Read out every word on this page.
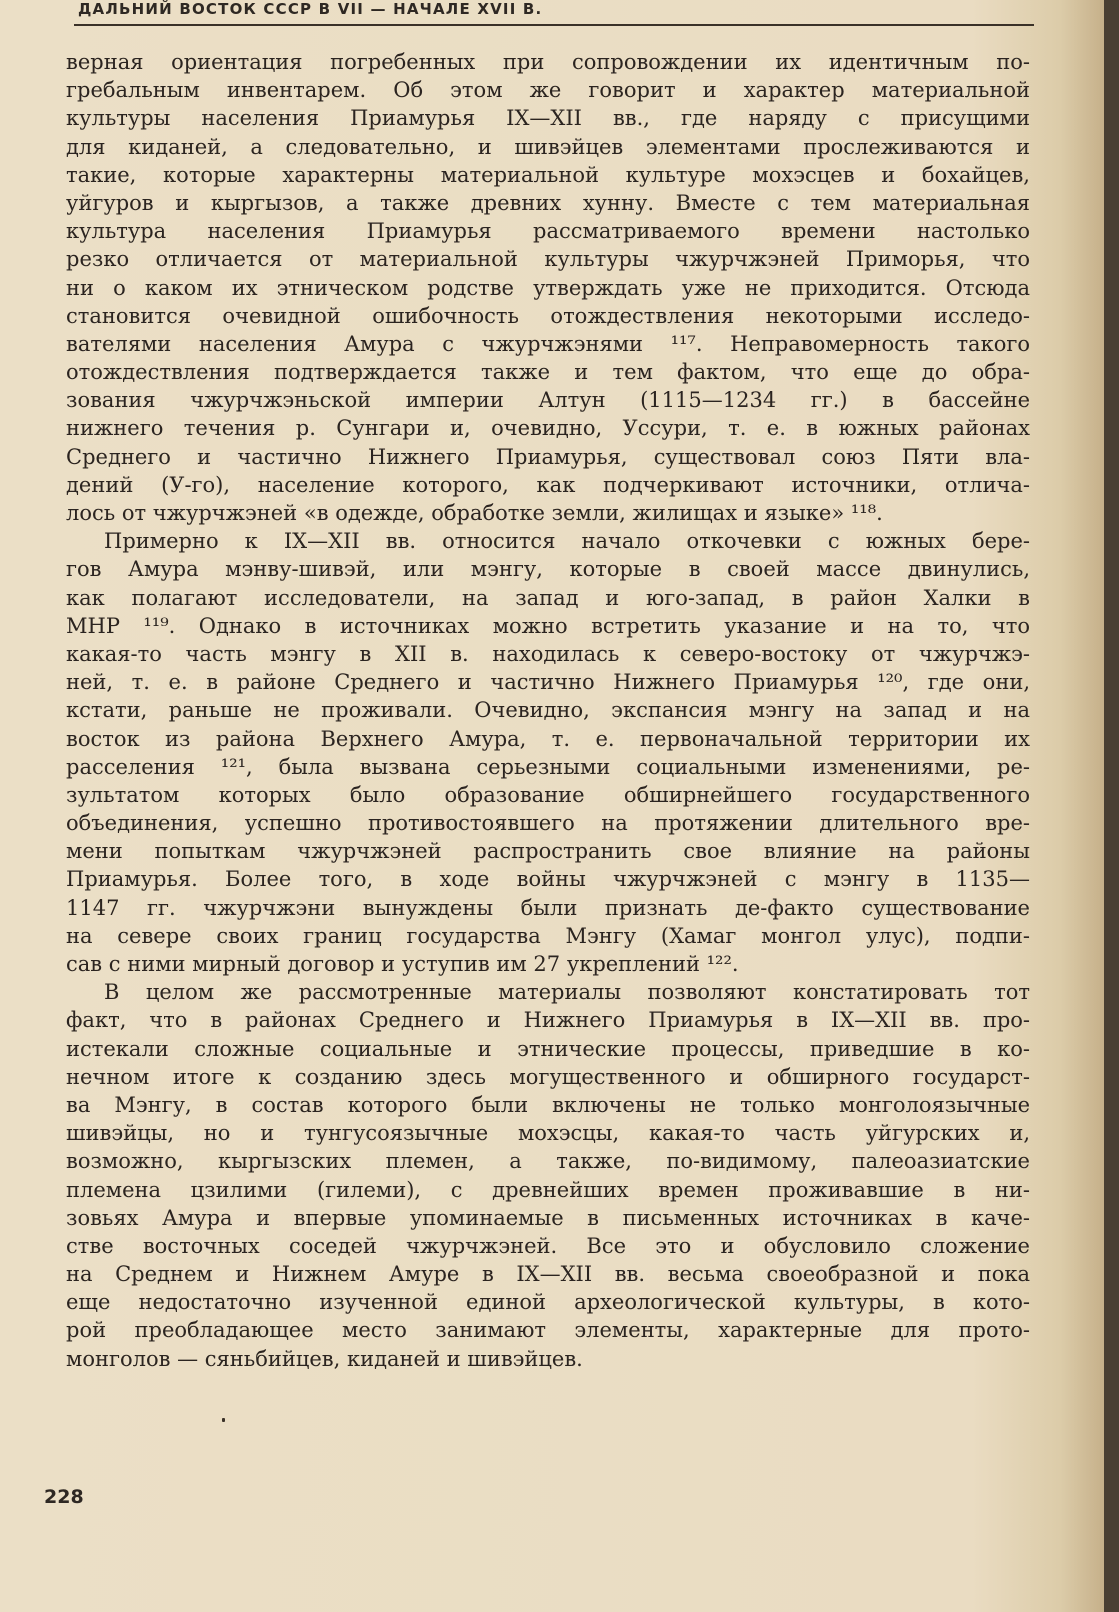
ДАЛЬНИЙ ВОСТОК СССР В VII — НАЧАЛЕ XVII В.
верная ориентация погребенных при сопровождении их идентичным по-
гребальным инвентарем. Об этом же говорит и характер материальной
культуры населения Приамурья IX—XII вв., где наряду с присущими
для киданей, а следовательно, и шивэйцев элементами прослеживаются и
такие, которые характерны материальной культуре мохэсцев и бохайцев,
уйгуров и кыргызов, а также древних хунну. Вместе с тем материальная
культура населения Приамурья рассматриваемого времени настолько
резко отличается от материальной культуры чжурчжэней Приморья, что
ни о каком их этническом родстве утверждать уже не приходится. Отсюда
становится очевидной ошибочность отождествления некоторыми исследо-
вателями населения Амура с чжурчжэнями ¹¹⁷. Неправомерность такого
отождествления подтверждается также и тем фактом, что еще до обра-
зования чжурчжэньской империи Алтун (1115—1234 гг.) в бассейне
нижнего течения р. Сунгари и, очевидно, Уссури, т. е. в южных районах
Среднего и частично Нижнего Приамурья, существовал союз Пяти вла-
дений (У-го), население которого, как подчеркивают источники, отлича-
лось от чжурчжэней «в одежде, обработке земли, жилищах и языке» ¹¹⁸.
Примерно к IX—XII вв. относится начало откочевки с южных бере-
гов Амура мэнву-шивэй, или мэнгу, которые в своей массе двинулись,
как полагают исследователи, на запад и юго-запад, в район Халки в
МНР ¹¹⁹. Однако в источниках можно встретить указание и на то, что
какая-то часть мэнгу в XII в. находилась к северо-востоку от чжурчжэ-
ней, т. е. в районе Среднего и частично Нижнего Приамурья ¹²⁰, где они,
кстати, раньше не проживали. Очевидно, экспансия мэнгу на запад и на
восток из района Верхнего Амура, т. е. первоначальной территории их
расселения ¹²¹, была вызвана серьезными социальными изменениями, ре-
зультатом которых было образование обширнейшего государственного
объединения, успешно противостоявшего на протяжении длительного вре-
мени попыткам чжурчжэней распространить свое влияние на районы
Приамурья. Более того, в ходе войны чжурчжэней с мэнгу в 1135—
1147 гг. чжурчжэни вынуждены были признать де-факто существование
на севере своих границ государства Мэнгу (Хамаг монгол улус), подпи-
сав с ними мирный договор и уступив им 27 укреплений ¹²².
В целом же рассмотренные материалы позволяют констатировать тот
факт, что в районах Среднего и Нижнего Приамурья в IX—XII вв. про-
истекали сложные социальные и этнические процессы, приведшие в ко-
нечном итоге к созданию здесь могущественного и обширного государст-
ва Мэнгу, в состав которого были включены не только монголоязычные
шивэйцы, но и тунгусоязычные мохэсцы, какая-то часть уйгурских и,
возможно, кыргызских племен, а также, по-видимому, палеоазиатские
племена цзилими (гилеми), с древнейших времен проживавшие в ни-
зовьях Амура и впервые упоминаемые в письменных источниках в каче-
стве восточных соседей чжурчжэней. Все это и обусловило сложение
на Среднем и Нижнем Амуре в IX—XII вв. весьма своеобразной и пока
еще недостаточно изученной единой археологической культуры, в кото-
рой преобладающее место занимают элементы, характерные для прото-
монголов — сяньбийцев, киданей и шивэйцев.
228
